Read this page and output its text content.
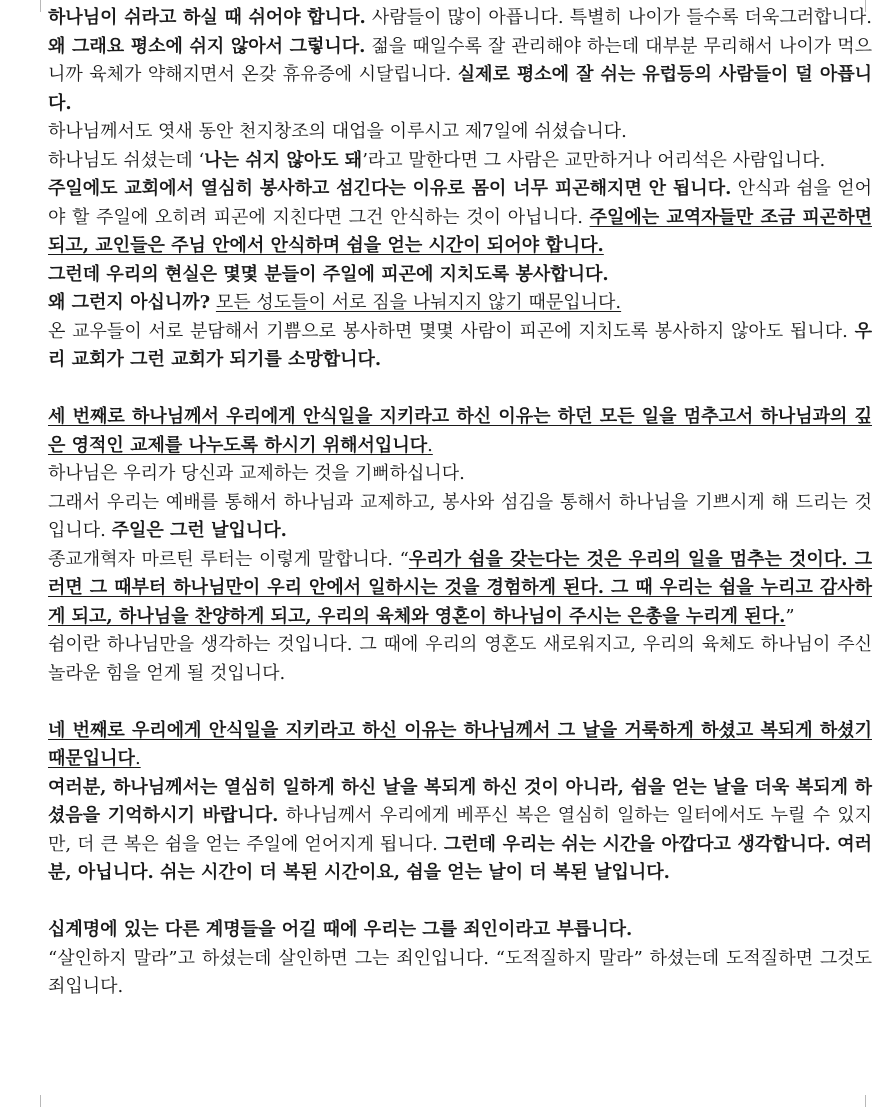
하나님이 쉬라고 하실 때 쉬어야 합니다. 사람들이 많이 아픕니다. 특별히 나이가 들수록 더욱그러합니다. 왜 그래요 평소에 쉬지 않아서 그렇니다. 젊을 때일수록 잘 관리해야 하는데 대부분 무리해서 나이가 먹으니까 육체가 약해지면서 온갖 휴유증에 시달립니다. 실제로 평소에 잘 쉬는 유럽등의 사람들이 덜 아픕니다.

하나님께서도 엿새 동안 천지창조의 대업을 이루시고 제7일에 쉬셨습니다.

하나님도 쉬셨는데 ‘나는 쉬지 않아도 돼’라고 말한다면 그 사람은 교만하거나 어리석은 사람입니다.

주일에도 교회에서 열심히 봉사하고 섬긴다는 이유로 몸이 너무 피곤해지면 안 됩니다. 안식과 쉼을 얻어야 할 주일에 오히려 피곤에 지친다면 그건 안식하는 것이 아닙니다. 주일에는 교역자들만 조금 피곤하면 되고, 교인들은 주님 안에서 안식하며 쉼을 얻는 시간이 되어야 합니다.

그런데 우리의 현실은 몇몇 분들이 주일에 피곤에 지치도록 봉사합니다.

왜 그런지 아십니까? 모든 성도들이 서로 짐을 나눠지지 않기 때문입니다.

온 교우들이 서로 분담해서 기쁨으로 봉사하면 몇몇 사람이 피곤에 지치도록 봉사하지 않아도 됩니다. 우리 교회가 그런 교회가 되기를 소망합니다.

세 번째로 하나님께서 우리에게 안식일을 지키라고 하신 이유는 하던 모든 일을 멈추고서 하나님과의 깊은 영적인 교제를 나누도록 하시기 위해서입니다.

하나님은 우리가 당신과 교제하는 것을 기뻐하십니다.

그래서 우리는 예배를 통해서 하나님과 교제하고, 봉사와 섬김을 통해서 하나님을 기쁘시게 해 드리는 것입니다. 주일은 그런 날입니다.

종교개혁자 마르틴 루터는 이렇게 말합니다. “우리가 쉼을 갖는다는 것은 우리의 일을 멈추는 것이다. 그러면 그 때부터 하나님만이 우리 안에서 일하시는 것을 경험하게 된다. 그 때 우리는 쉼을 누리고 감사하게 되고, 하나님을 찬양하게 되고, 우리의 육체와 영혼이 하나님이 주시는 은총을 누리게 된다.”

쉼이란 하나님만을 생각하는 것입니다. 그 때에 우리의 영혼도 새로워지고, 우리의 육체도 하나님이 주신 놀라운 힘을 얻게 될 것입니다.

네 번째로 우리에게 안식일을 지키라고 하신 이유는 하나님께서 그 날을 거룩하게 하셨고 복되게 하셨기 때문입니다.

여러분, 하나님께서는 열심히 일하게 하신 날을 복되게 하신 것이 아니라, 쉼을 얻는 날을 더욱 복되게 하셨음을 기억하시기 바랍니다. 하나님께서 우리에게 베푸신 복은 열심히 일하는 일터에서도 누릴 수 있지만, 더 큰 복은 쉼을 얻는 주일에 얻어지게 됩니다. 그런데 우리는 쉬는 시간을 아깝다고 생각합니다. 여러분, 아닙니다. 쉬는 시간이 더 복된 시간이요, 쉼을 얻는 날이 더 복된 날입니다.

십계명에 있는 다른 계명들을 어길 때에 우리는 그를 죄인이라고 부릅니다.

“살인하지 말라”고 하셨는데 살인하면 그는 죄인입니다. “도적질하지 말라” 하셨는데 도적질하면 그것도 죄입니다.
